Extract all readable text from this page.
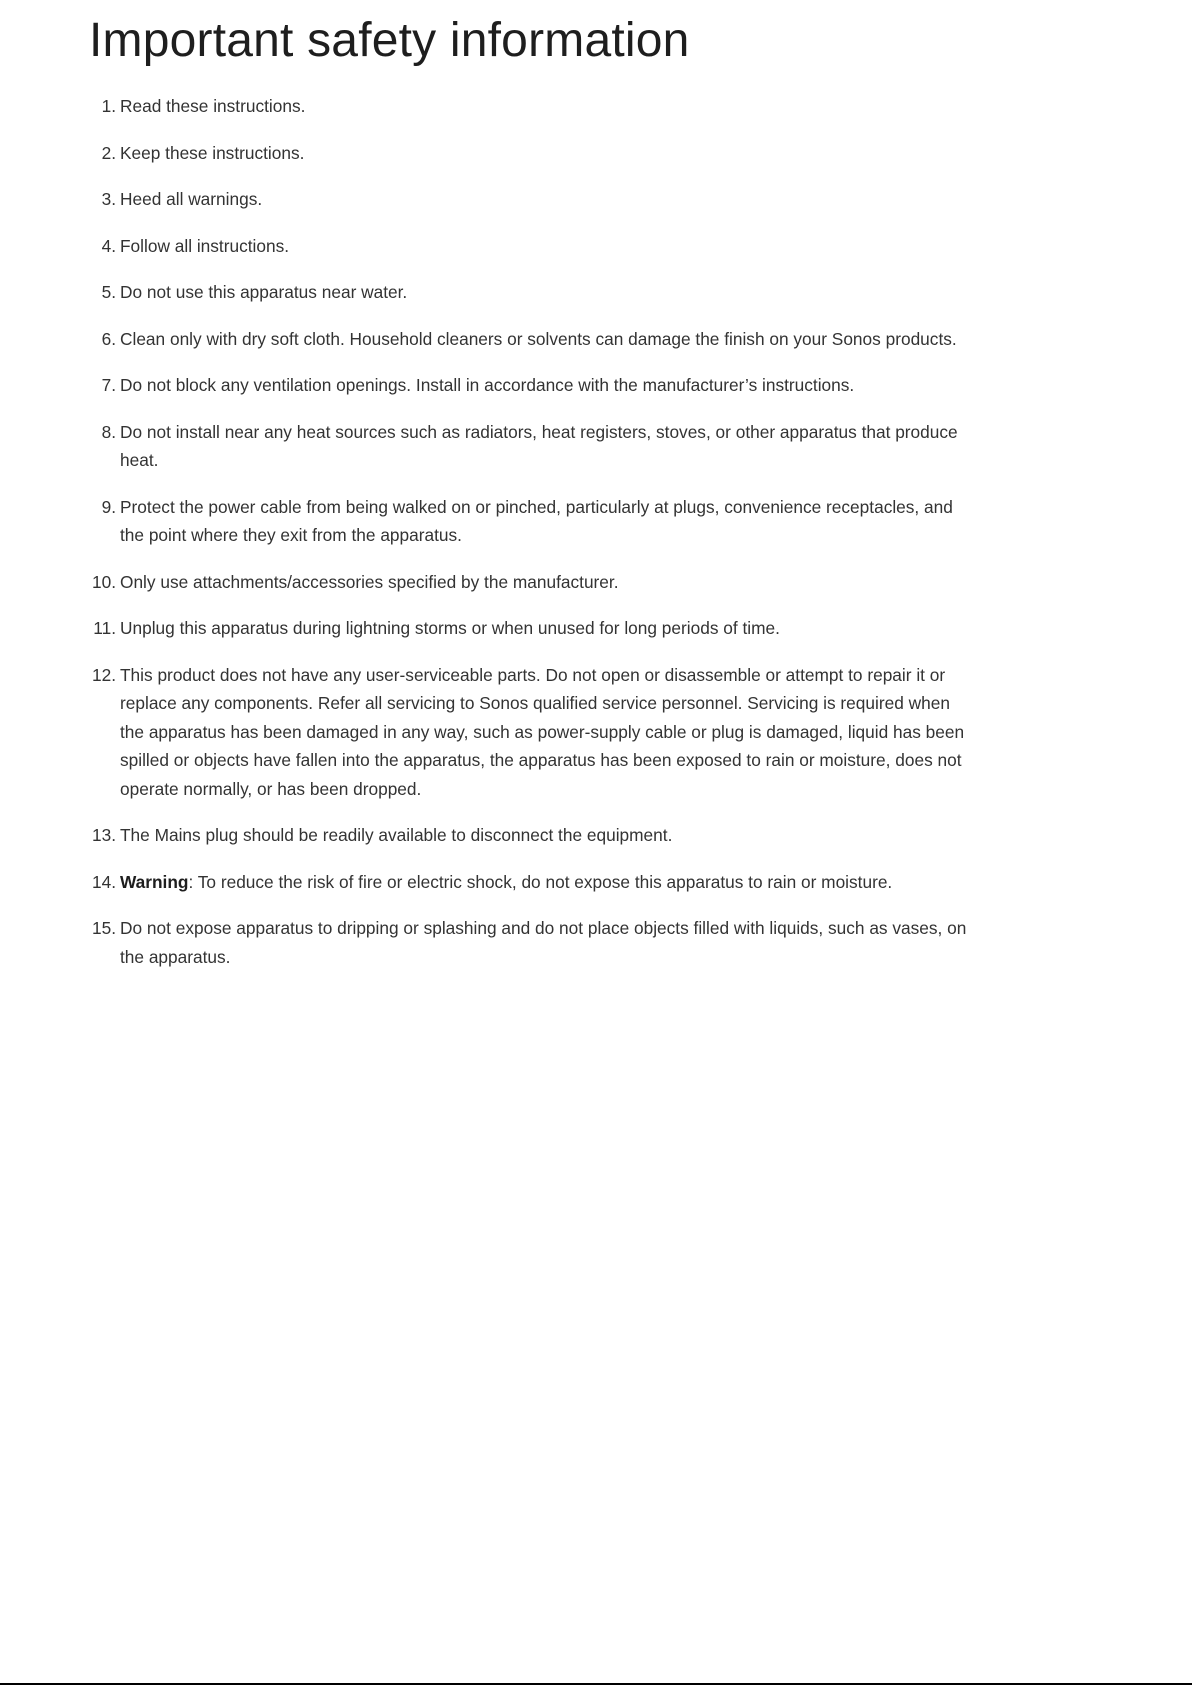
Important safety information
1. Read these instructions.
2. Keep these instructions.
3. Heed all warnings.
4. Follow all instructions.
5. Do not use this apparatus near water.
6. Clean only with dry soft cloth. Household cleaners or solvents can damage the finish on your Sonos products.
7. Do not block any ventilation openings. Install in accordance with the manufacturer’s instructions.
8. Do not install near any heat sources such as radiators, heat registers, stoves, or other apparatus that produce heat.
9. Protect the power cable from being walked on or pinched, particularly at plugs, convenience receptacles, and the point where they exit from the apparatus.
10. Only use attachments/accessories specified by the manufacturer.
11. Unplug this apparatus during lightning storms or when unused for long periods of time.
12. This product does not have any user-serviceable parts. Do not open or disassemble or attempt to repair it or replace any components. Refer all servicing to Sonos qualified service personnel. Servicing is required when the apparatus has been damaged in any way, such as power-supply cable or plug is damaged, liquid has been spilled or objects have fallen into the apparatus, the apparatus has been exposed to rain or moisture, does not operate normally, or has been dropped.
13. The Mains plug should be readily available to disconnect the equipment.
14. Warning: To reduce the risk of fire or electric shock, do not expose this apparatus to rain or moisture.
15. Do not expose apparatus to dripping or splashing and do not place objects filled with liquids, such as vases, on the apparatus.
